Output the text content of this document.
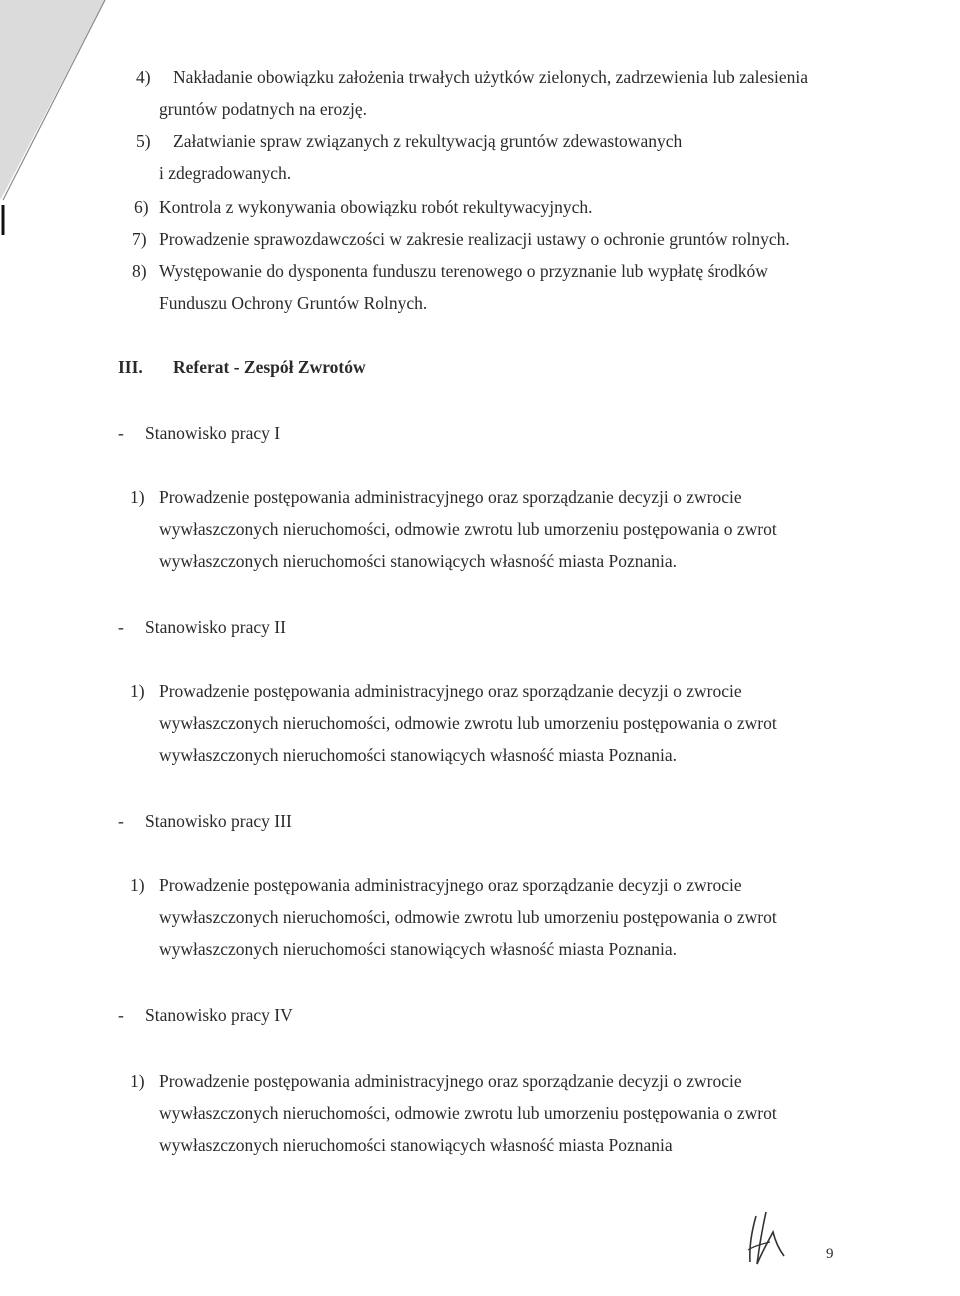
4) Nakładanie obowiązku założenia trwałych użytków zielonych, zadrzewienia lub zalesienia
gruntów podatnych na erozję.
5) Załatwianie spraw związanych z rekultywacją gruntów zdewastowanych
i zdegradowanych.
6) Kontrola z wykonywania obowiązku robót rekultywacyjnych.
7) Prowadzenie sprawozdawczości w zakresie realizacji ustawy o ochronie gruntów rolnych.
8) Występowanie do dysponenta funduszu terenowego o przyznanie lub wypłatę środków
Funduszu Ochrony Gruntów Rolnych.
III. Referat - Zespół Zwrotów
- Stanowisko pracy I
1) Prowadzenie postępowania administracyjnego oraz sporządzanie decyzji o zwrocie
wywłaszczonych nieruchomości, odmowie zwrotu lub umorzeniu postępowania o zwrot
wywłaszczonych nieruchomości stanowiących własność miasta Poznania.
- Stanowisko pracy II
1) Prowadzenie postępowania administracyjnego oraz sporządzanie decyzji o zwrocie
wywłaszczonych nieruchomości, odmowie zwrotu lub umorzeniu postępowania o zwrot
wywłaszczonych nieruchomości stanowiących własność miasta Poznania.
- Stanowisko pracy III
1) Prowadzenie postępowania administracyjnego oraz sporządzanie decyzji o zwrocie
wywłaszczonych nieruchomości, odmowie zwrotu lub umorzeniu postępowania o zwrot
wywłaszczonych nieruchomości stanowiących własność miasta Poznania.
- Stanowisko pracy IV
1) Prowadzenie postępowania administracyjnego oraz sporządzanie decyzji o zwrocie
wywłaszczonych nieruchomości, odmowie zwrotu lub umorzeniu postępowania o zwrot
wywłaszczonych nieruchomości stanowiących własność miasta Poznania
9
